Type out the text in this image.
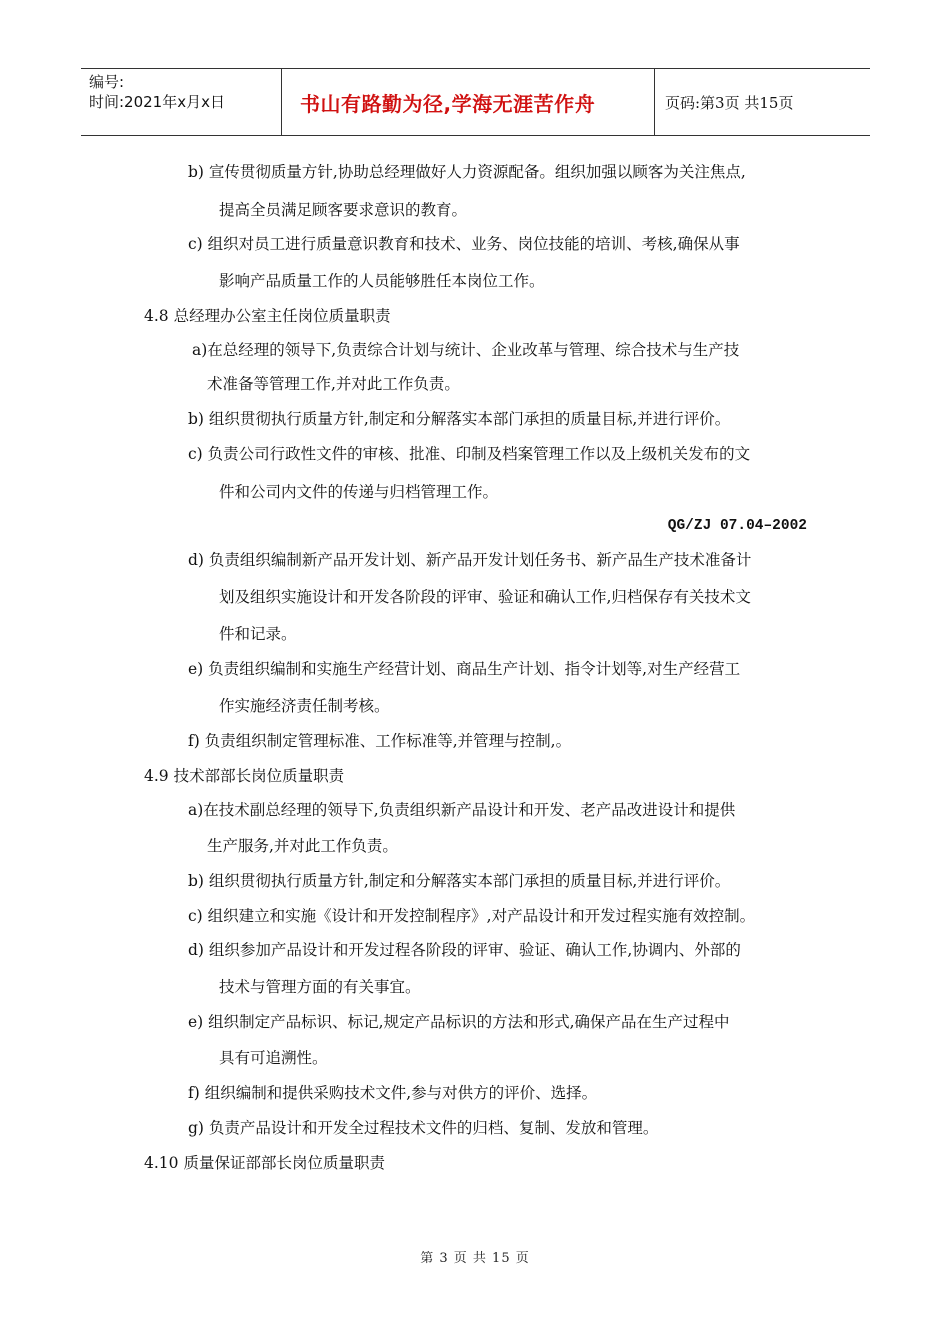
编号:
时间:2021年x月x日	书山有路勤为径,学海无涯苦作舟	页码:第3页 共15页
b) 宣传贯彻质量方针,协助总经理做好人力资源配备。组织加强以顾客为关注焦点,
提高全员满足顾客要求意识的教育。
c) 组织对员工进行质量意识教育和技术、业务、岗位技能的培训、考核,确保从事
影响产品质量工作的人员能够胜任本岗位工作。
4.8 总经理办公室主任岗位质量职责
a)在总经理的领导下,负责综合计划与统计、企业改革与管理、综合技术与生产技
术准备等管理工作,并对此工作负责。
b) 组织贯彻执行质量方针,制定和分解落实本部门承担的质量目标,并进行评价。
c) 负责公司行政性文件的审核、批准、印制及档案管理工作以及上级机关发布的文
件和公司内文件的传递与归档管理工作。
QG/ZJ 07.04–2002
d) 负责组织编制新产品开发计划、新产品开发计划任务书、新产品生产技术准备计
划及组织实施设计和开发各阶段的评审、验证和确认工作,归档保存有关技术文
件和记录。
e) 负责组织编制和实施生产经营计划、商品生产计划、指令计划等,对生产经营工
作实施经济责任制考核。
f) 负责组织制定管理标准、工作标准等,并管理与控制,。
4.9 技术部部长岗位质量职责
a)在技术副总经理的领导下,负责组织新产品设计和开发、老产品改进设计和提供
生产服务,并对此工作负责。
b) 组织贯彻执行质量方针,制定和分解落实本部门承担的质量目标,并进行评价。
c) 组织建立和实施《设计和开发控制程序》,对产品设计和开发过程实施有效控制。
d) 组织参加产品设计和开发过程各阶段的评审、验证、确认工作,协调内、外部的
技术与管理方面的有关事宜。
e) 组织制定产品标识、标记,规定产品标识的方法和形式,确保产品在生产过程中
具有可追溯性。
f) 组织编制和提供采购技术文件,参与对供方的评价、选择。
g) 负责产品设计和开发全过程技术文件的归档、复制、发放和管理。
4.10 质量保证部部长岗位质量职责
第 3 页 共 15 页
